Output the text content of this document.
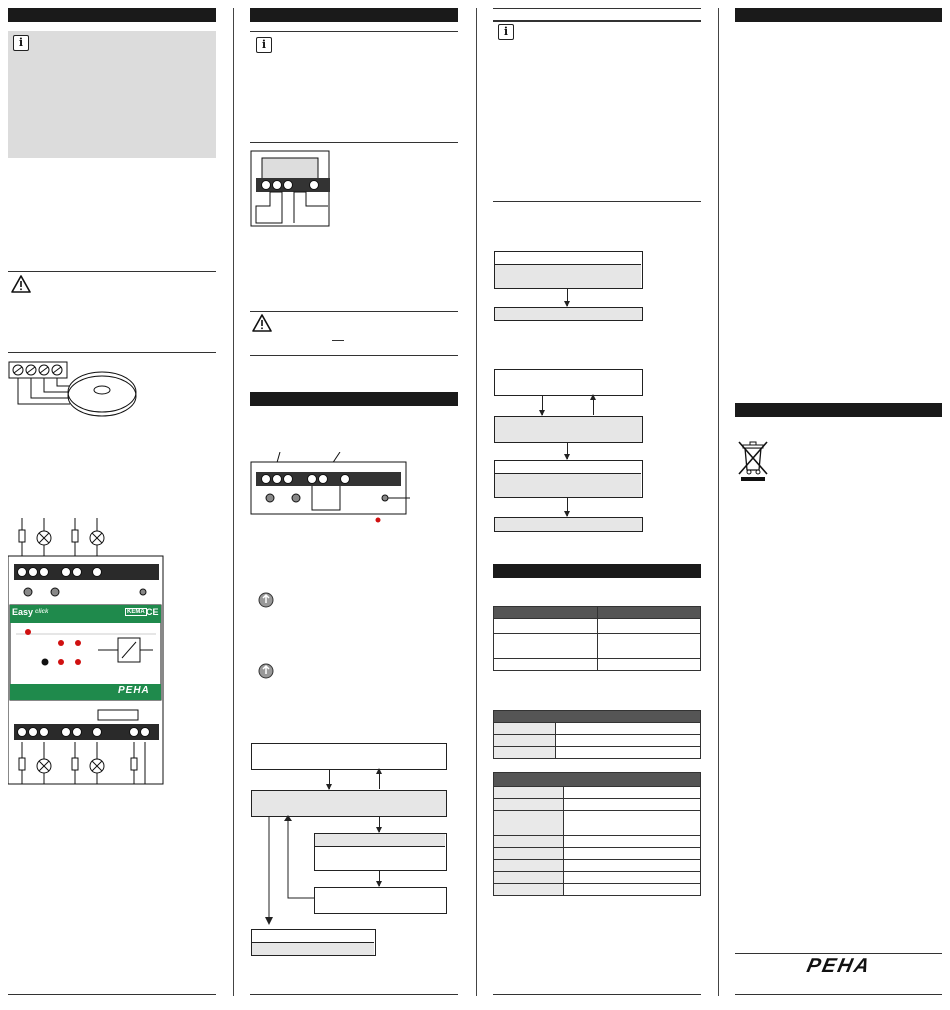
i
Easy click	KEMA CE
PEHA
i
i

PEHA
